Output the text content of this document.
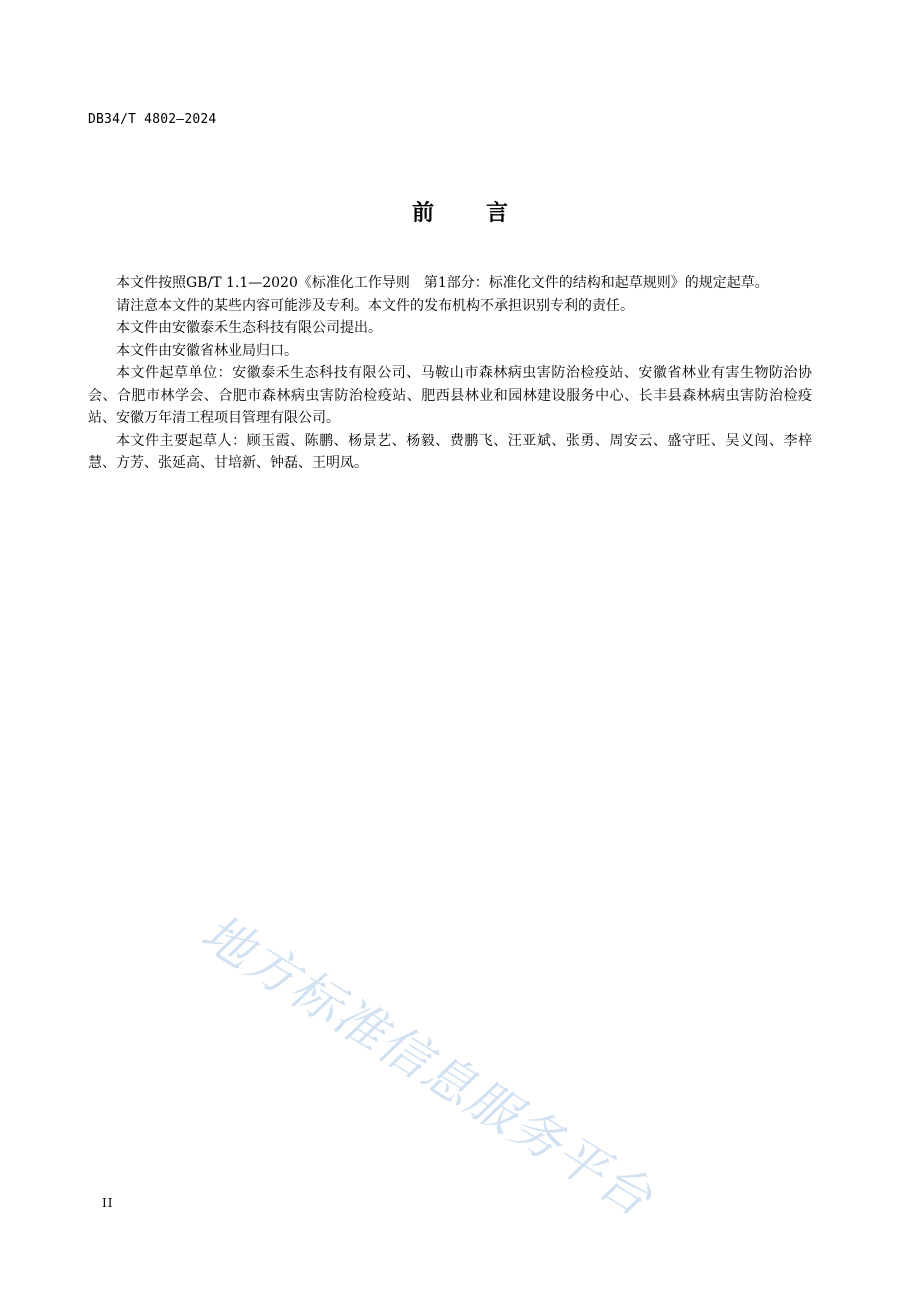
DB34/T 4802—2024
前言

本文件按照GB/T 1.1—2020《标准化工作导则　第1部分：标准化文件的结构和起草规则》的规定起草。

请注意本文件的某些内容可能涉及专利。本文件的发布机构不承担识别专利的责任。

本文件由安徽泰禾生态科技有限公司提出。

本文件由安徽省林业局归口。

本文件起草单位：安徽泰禾生态科技有限公司、马鞍山市森林病虫害防治检疫站、安徽省林业有害生物防治协会、合肥市林学会、合肥市森林病虫害防治检疫站、肥西县林业和园林建设服务中心、长丰县森林病虫害防治检疫站、安徽万年清工程项目管理有限公司。

本文件主要起草人：顾玉霞、陈鹏、杨景艺、杨毅、费鹏飞、汪亚斌、张勇、周安云、盛守旺、吴义闯、李梓慧、方芳、张延高、甘培新、钟磊、王明凤。

地方标准信息服务平台
II
